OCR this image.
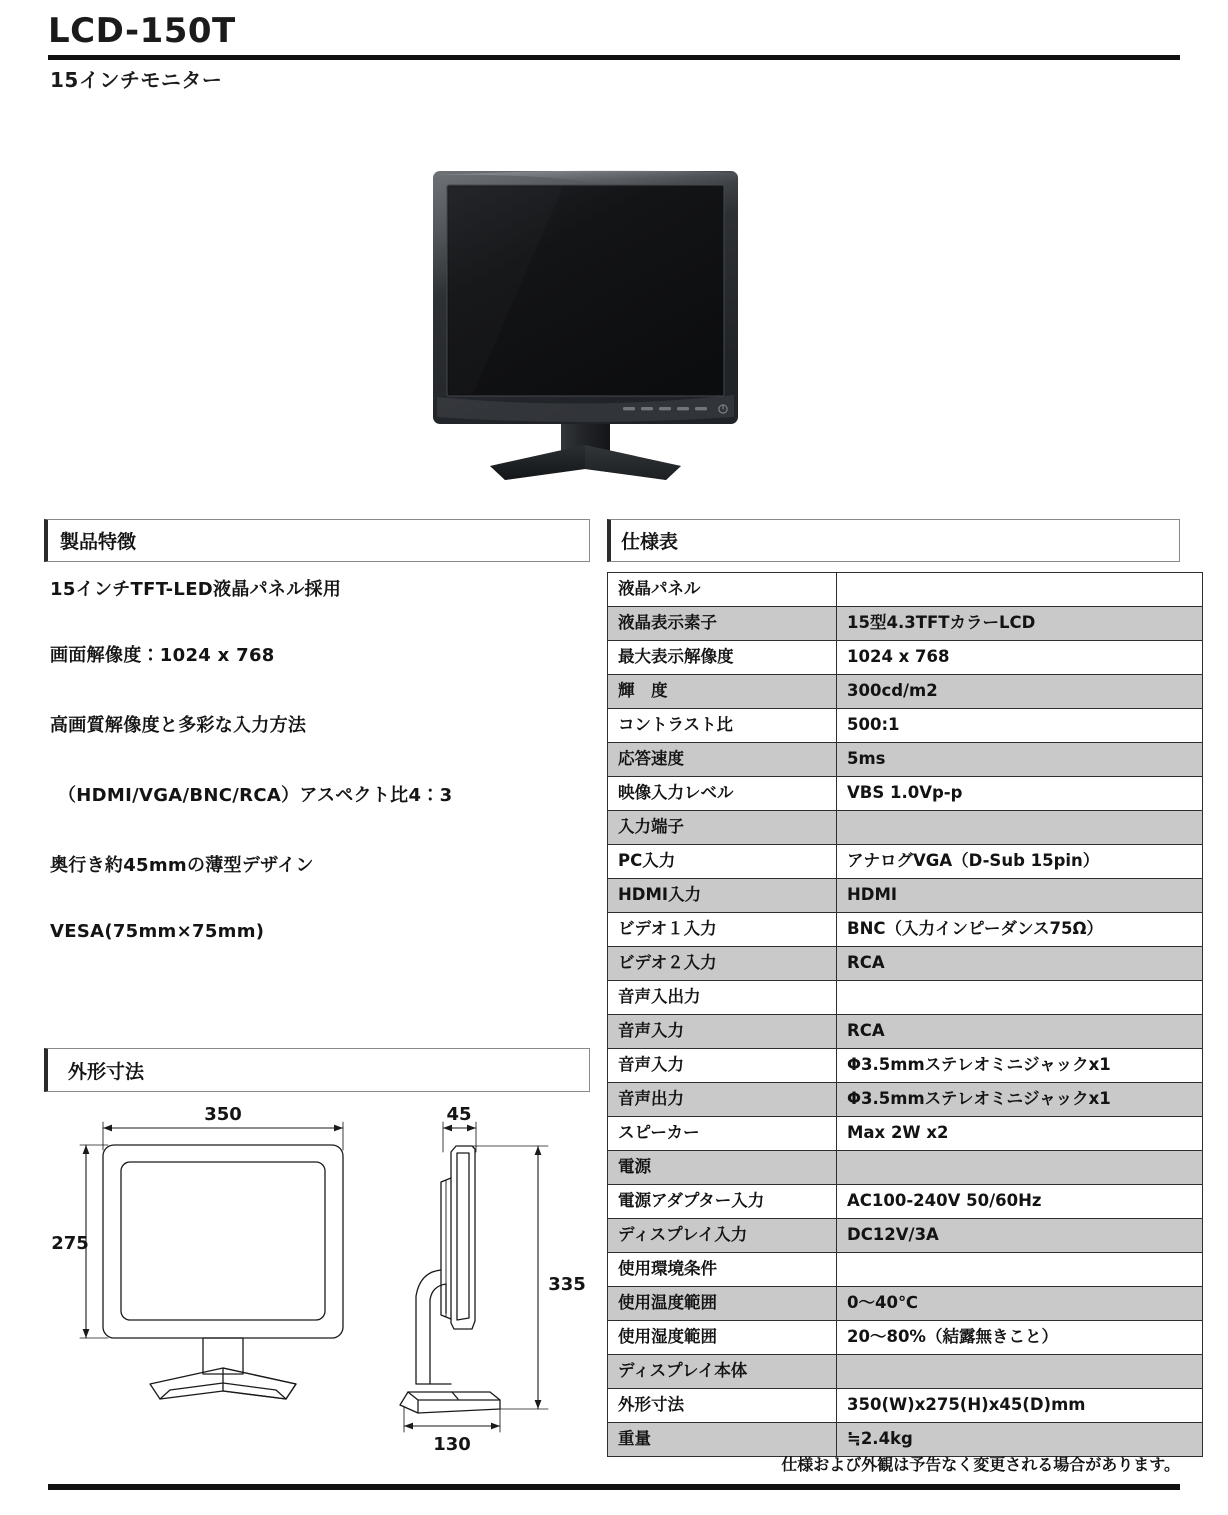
LCD-150T
15インチモニター
製品特徴
15インチTFT-LED液晶パネル採用
画面解像度：1024 x 768
高画質解像度と多彩な入力方法
（HDMI/VGA/BNC/RCA）アスペクト比4：3
奥行き約45mmの薄型デザイン
VESA(75mm×75mm)
仕様表
液晶パネル	
液晶表示素子	15型4.3TFTカラーLCD
最大表示解像度	1024 x 768
輝　度	300cd/m2
コントラスト比	500:1
応答速度	5ms
映像入力レベル	VBS 1.0Vp-p
入力端子	
PC入力	アナログVGA（D-Sub 15pin）
HDMI入力	HDMI
ビデオ１入力	BNC（入力インピーダンス75Ω）
ビデオ２入力	RCA
音声入出力	
音声入力	RCA
音声入力	Φ3.5mmステレオミニジャックx1
音声出力	Φ3.5mmステレオミニジャックx1
スピーカー	Max 2W x2
電源	
電源アダプター入力	AC100-240V 50/60Hz
ディスプレイ入力	DC12V/3A
使用環境条件	
使用温度範囲	0～40℃
使用湿度範囲	20～80%（結露無きこと）
ディスプレイ本体	
外形寸法	350(W)x275(H)x45(D)mm
重量	≒2.4kg
仕様および外観は予告なく変更される場合があります。
外形寸法
350
275
45
335
130
